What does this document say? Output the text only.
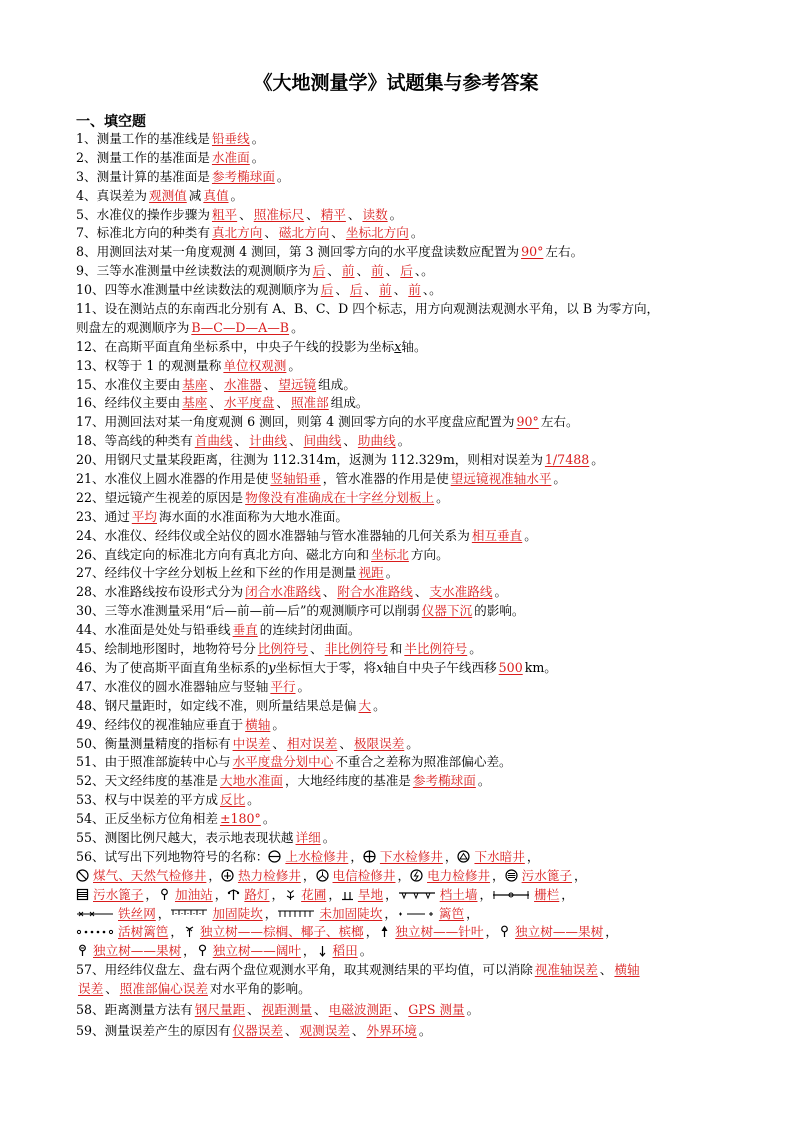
《大地测量学》试题集与参考答案
一、填空题
1、测量工作的基准线是 铅垂线 。
2、测量工作的基准面是 水准面 。
3、测量计算的基准面是 参考椭球面 。
4、真误差为 观测值 减 真值 。
5、水准仪的操作步骤为 粗平 、 照准标尺 、 精平 、 读数 。
7、标准北方向的种类有 真北方向 、 磁北方向 、 坐标北方向 。
8、用测回法对某一角度观测 4 测回，第 3 测回零方向的水平度盘读数应配置为 90° 左右。
9、三等水准测量中丝读数法的观测顺序为 后 、 前 、 前 、 后 、。
10、四等水准测量中丝读数法的观测顺序为 后 、 后 、 前 、 前 、。
11、设在测站点的东南西北分别有 A、B、C、D 四个标志，用方向观测法观测水平角，以 B 为零方向，
则盘左的观测顺序为 B—C—D—A—B 。
12、在高斯平面直角坐标系中，中央子午线的投影为坐标x轴。
13、权等于 1 的观测量称 单位权观测 。
15、水准仪主要由 基座 、 水准器 、 望远镜 组成。
16、经纬仪主要由 基座 、 水平度盘 、 照准部 组成。
17、用测回法对某一角度观测 6 测回，则第 4 测回零方向的水平度盘应配置为 90° 左右。
18、等高线的种类有 首曲线 、 计曲线 、 间曲线 、 助曲线 。
20、用钢尺丈量某段距离，往测为 112.314m，返测为 112.329m，则相对误差为 1/7488 。
21、水准仪上圆水准器的作用是使 竖轴铅垂 ，管水准器的作用是使 望远镜视准轴水平 。
22、望远镜产生视差的原因是 物像没有准确成在十字丝分划板上 。
23、通过 平均 海水面的水准面称为大地水准面。
24、水准仪、经纬仪或全站仪的圆水准器轴与管水准器轴的几何关系为 相互垂直 。
26、直线定向的标准北方向有真北方向、磁北方向和 坐标北 方向。
27、经纬仪十字丝分划板上丝和下丝的作用是测量 视距 。
28、水准路线按布设形式分为 闭合水准路线 、 附合水准路线 、 支水准路线 。
30、三等水准测量采用“后—前—前—后”的观测顺序可以削弱 仪器下沉 的影响。
44、水准面是处处与铅垂线 垂直 的连续封闭曲面。
45、绘制地形图时，地物符号分 比例符号 、 非比例符号 和 半比例符号 。
46、为了使高斯平面直角坐标系的y坐标恒大于零，将x轴自中央子午线西移 500 km。
47、水准仪的圆水准器轴应与竖轴 平行 。
48、钢尺量距时，如定线不准，则所量结果总是偏 大 。
49、经纬仪的视准轴应垂直于 横轴 。
50、衡量测量精度的指标有 中误差 、 相对误差 、 极限误差 。
51、由于照准部旋转中心与 水平度盘分划中心 不重合之差称为照准部偏心差。
52、天文经纬度的基准是 大地水准面 ，大地经纬度的基准是 参考椭球面 。
53、权与中误差的平方成 反比 。
54、正反坐标方位角相差 ±180° 。
55、测图比例尺越大，表示地表现状越 详细 。
56、试写出下列地物符号的名称： 上水检修井 ， 下水检修井 ， 下水暗井 ，
煤气、天然气检修井 ， 热力检修井 ， 电信检修井 ， 电力检修井 ， 污水篦子 ，
污水篦子 ， 加油站 ， 路灯 ， 花圃 ， 旱地 ，	档土墙 ，	栅栏 ，
铁丝网 ，	加固陡坎 ，	未加固陡坎 ，	篱笆 ，
活树篱笆 ， 独立树——棕榈、椰子、槟榔 ， 独立树——针叶 ， 独立树——果树 ，
独立树——果树 ， 独立树——阔叶 ， 稻田 。
57、用经纬仪盘左、盘右两个盘位观测水平角，取其观测结果的平均值，可以消除 视准轴误差 、 横轴
误差 、 照准部偏心误差 对水平角的影响。
58、距离测量方法有 钢尺量距 、 视距测量 、 电磁波测距 、 GPS 测量 。
59、测量误差产生的原因有 仪器误差 、 观测误差 、 外界环境 。
